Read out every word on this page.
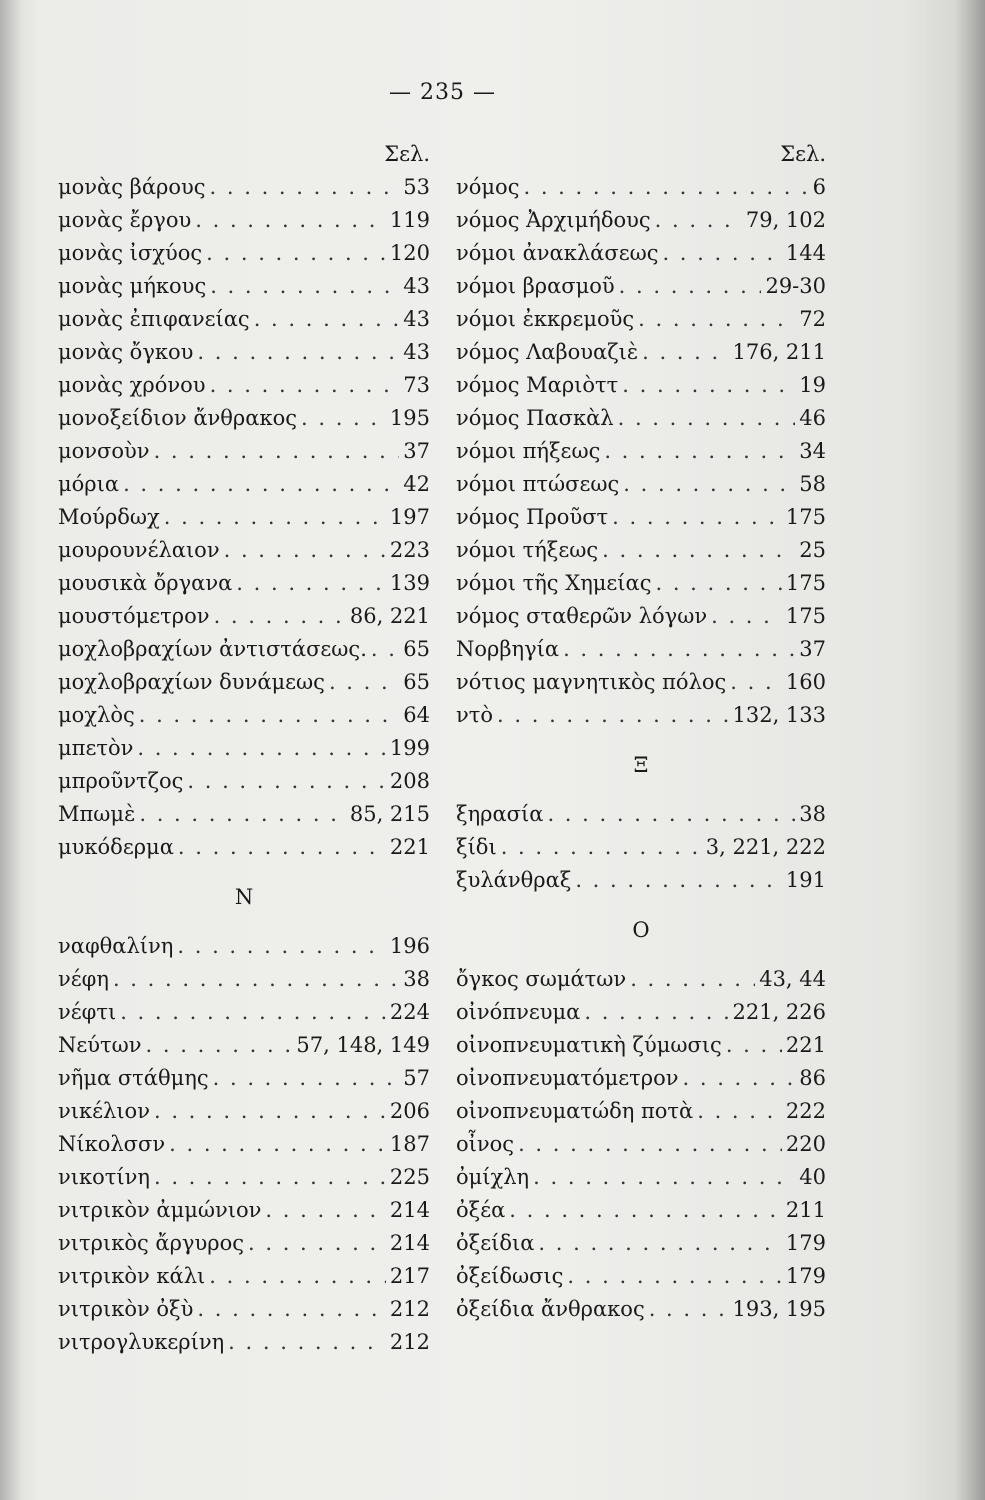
— 235 —
Σελ.
μονὰς βάρους . . .	53
μονὰς ἔργου . . .	119
μονὰς ἰσχύος . . .	120
μονὰς μήκους . . .	43
μονὰς ἐπιφανείας . . .	43
μονὰς ὄγκου . . .	43
μονὰς χρόνου . . .	73
μονοξείδιον ἄνθρακος . . .	195
μονσοὺν . . .	37
μόρια . . .	42
Μούρδωχ . . .	197
μουρουνέλαιον . . .	223
μουσικὰ ὄργανα . . .	139
μουστόμετρον . . .	86, 221
μοχλοβραχίων ἀντιστάσεως. . . . 65
μοχλοβραχίων δυνάμεως . . .	65
μοχλὸς . . .	64
μπετὸν . . .	199
μπροῦντζος . . .	208
Μπωμὲ . . .	85, 215
μυκόδερμα . . .	221
N
ναφθαλίνη . . .	196
νέφη . . .	38
νέφτι . . .	224
Νεύτων . . .	57, 148, 149
νῆμα στάθμης . . .	57
νικέλιον . . .	206
Νίκολσσν . . .	187
νικοτίνη . . .	225
νιτρικὸν ἀμμώνιον . . .	214
νιτρικὸς ἄργυρος . . .	214
νιτρικὸν κάλι . . .	217
νιτρικὸν ὀξὺ . . .	212
νιτρογλυκερίνη . . .	212
Σελ.
νόμος . . .	6
νόμος Ἀρχιμήδους . . .	79, 102
νόμοι ἀνακλάσεως . . .	144
νόμοι βρασμοῦ . . .	29-30
νόμοι ἐκκρεμοῦς . . .	72
νόμος Λαβουαζιὲ . . .	176, 211
νόμος Μαριὸττ . . .	19
νόμος Πασκὰλ . . .	46
νόμοι πήξεως . . .	34
νόμοι πτώσεως . . .	58
νόμος Προῦστ . . .	175
νόμοι τήξεως . . .	25
νόμοι τῆς Χημείας . . .	175
νόμος σταθερῶν λόγων . . .	175
Νορβηγία . . .	37
νότιος μαγνητικὸς πόλος . . .	160
ντὸ . . .	132, 133
Ξ
ξηρασία . . .	38
ξίδι . . .	3, 221, 222
ξυλάνθραξ . . .	191
O
ὄγκος σωμάτων . . .	43, 44
οἰνόπνευμα . . .	221, 226
οἰνοπνευματικὴ ζύμωσις . . .	221
οἰνοπνευματόμετρον . . .	86
οἰνοπνευματώδη ποτὰ . . .	222
οἶνος . . .	220
ὀμίχλη . . .	40
ὀξέα . . .	211
ὀξείδια . . .	179
ὀξείδωσις . . .	179
ὀξείδια ἄνθρακος . . .	193, 195
